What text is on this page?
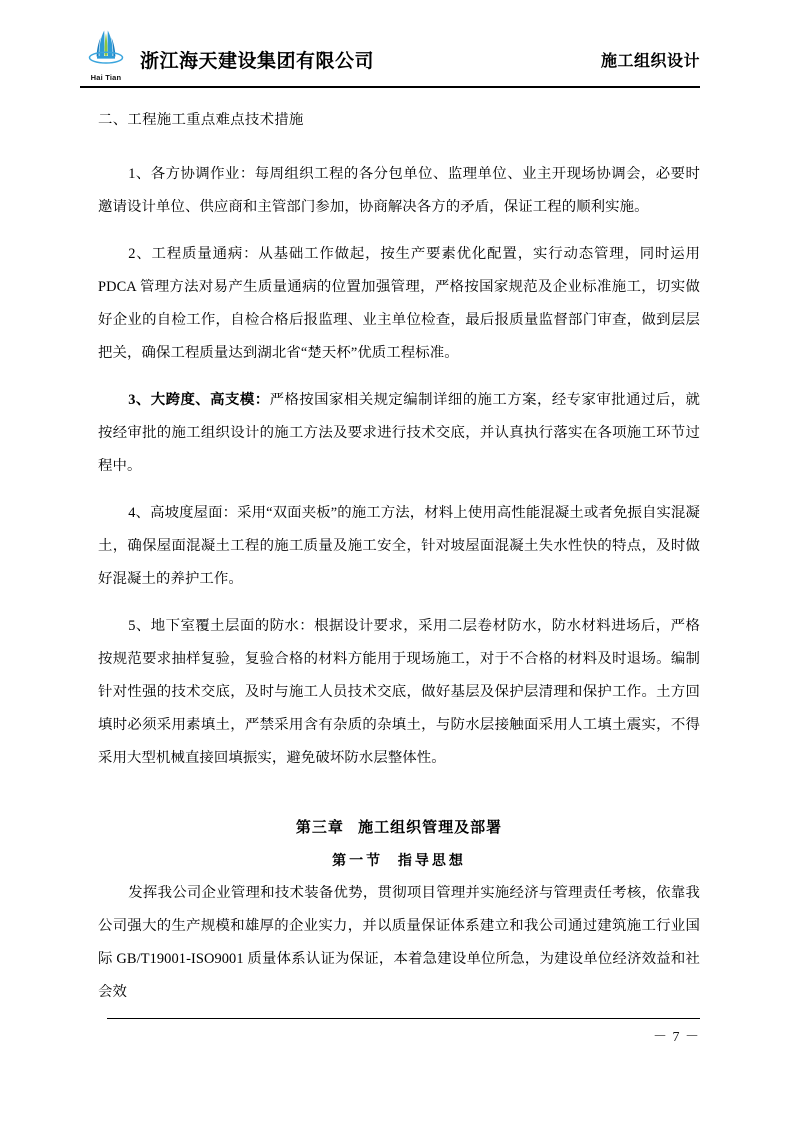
Hai Tian
浙江海天建设集团有限公司	施工组织设计

二、工程施工重点难点技术措施

1、各方协调作业：每周组织工程的各分包单位、监理单位、业主开现场协调会，必要时邀请设计单位、供应商和主管部门参加，协商解决各方的矛盾，保证工程的顺利实施。

2、工程质量通病：从基础工作做起，按生产要素优化配置，实行动态管理，同时运用 PDCA 管理方法对易产生质量通病的位置加强管理，严格按国家规范及企业标准施工，切实做好企业的自检工作，自检合格后报监理、业主单位检查，最后报质量监督部门审查，做到层层把关，确保工程质量达到湖北省“楚天杯”优质工程标准。

3、大跨度、高支模：严格按国家相关规定编制详细的施工方案，经专家审批通过后，就按经审批的施工组织设计的施工方法及要求进行技术交底，并认真执行落实在各项施工环节过程中。

4、高坡度屋面：采用“双面夹板”的施工方法，材料上使用高性能混凝土或者免振自实混凝土，确保屋面混凝土工程的施工质量及施工安全，针对坡屋面混凝土失水性快的特点，及时做好混凝土的养护工作。

5、地下室覆土层面的防水：根据设计要求，采用二层卷材防水，防水材料进场后，严格按规范要求抽样复验，复验合格的材料方能用于现场施工，对于不合格的材料及时退场。编制针对性强的技术交底，及时与施工人员技术交底，做好基层及保护层清理和保护工作。土方回填时必须采用素填土，严禁采用含有杂质的杂填土，与防水层接触面采用人工填土震实，不得采用大型机械直接回填振实，避免破坏防水层整体性。

第三章 施工组织管理及部署

第一节 指导思想

发挥我公司企业管理和技术装备优势，贯彻项目管理并实施经济与管理责任考核，依靠我公司强大的生产规模和雄厚的企业实力，并以质量保证体系建立和我公司通过建筑施工行业国际 GB/T19001-ISO9001 质量体系认证为保证，本着急建设单位所急，为建设单位经济效益和社会效

－ 7 －
